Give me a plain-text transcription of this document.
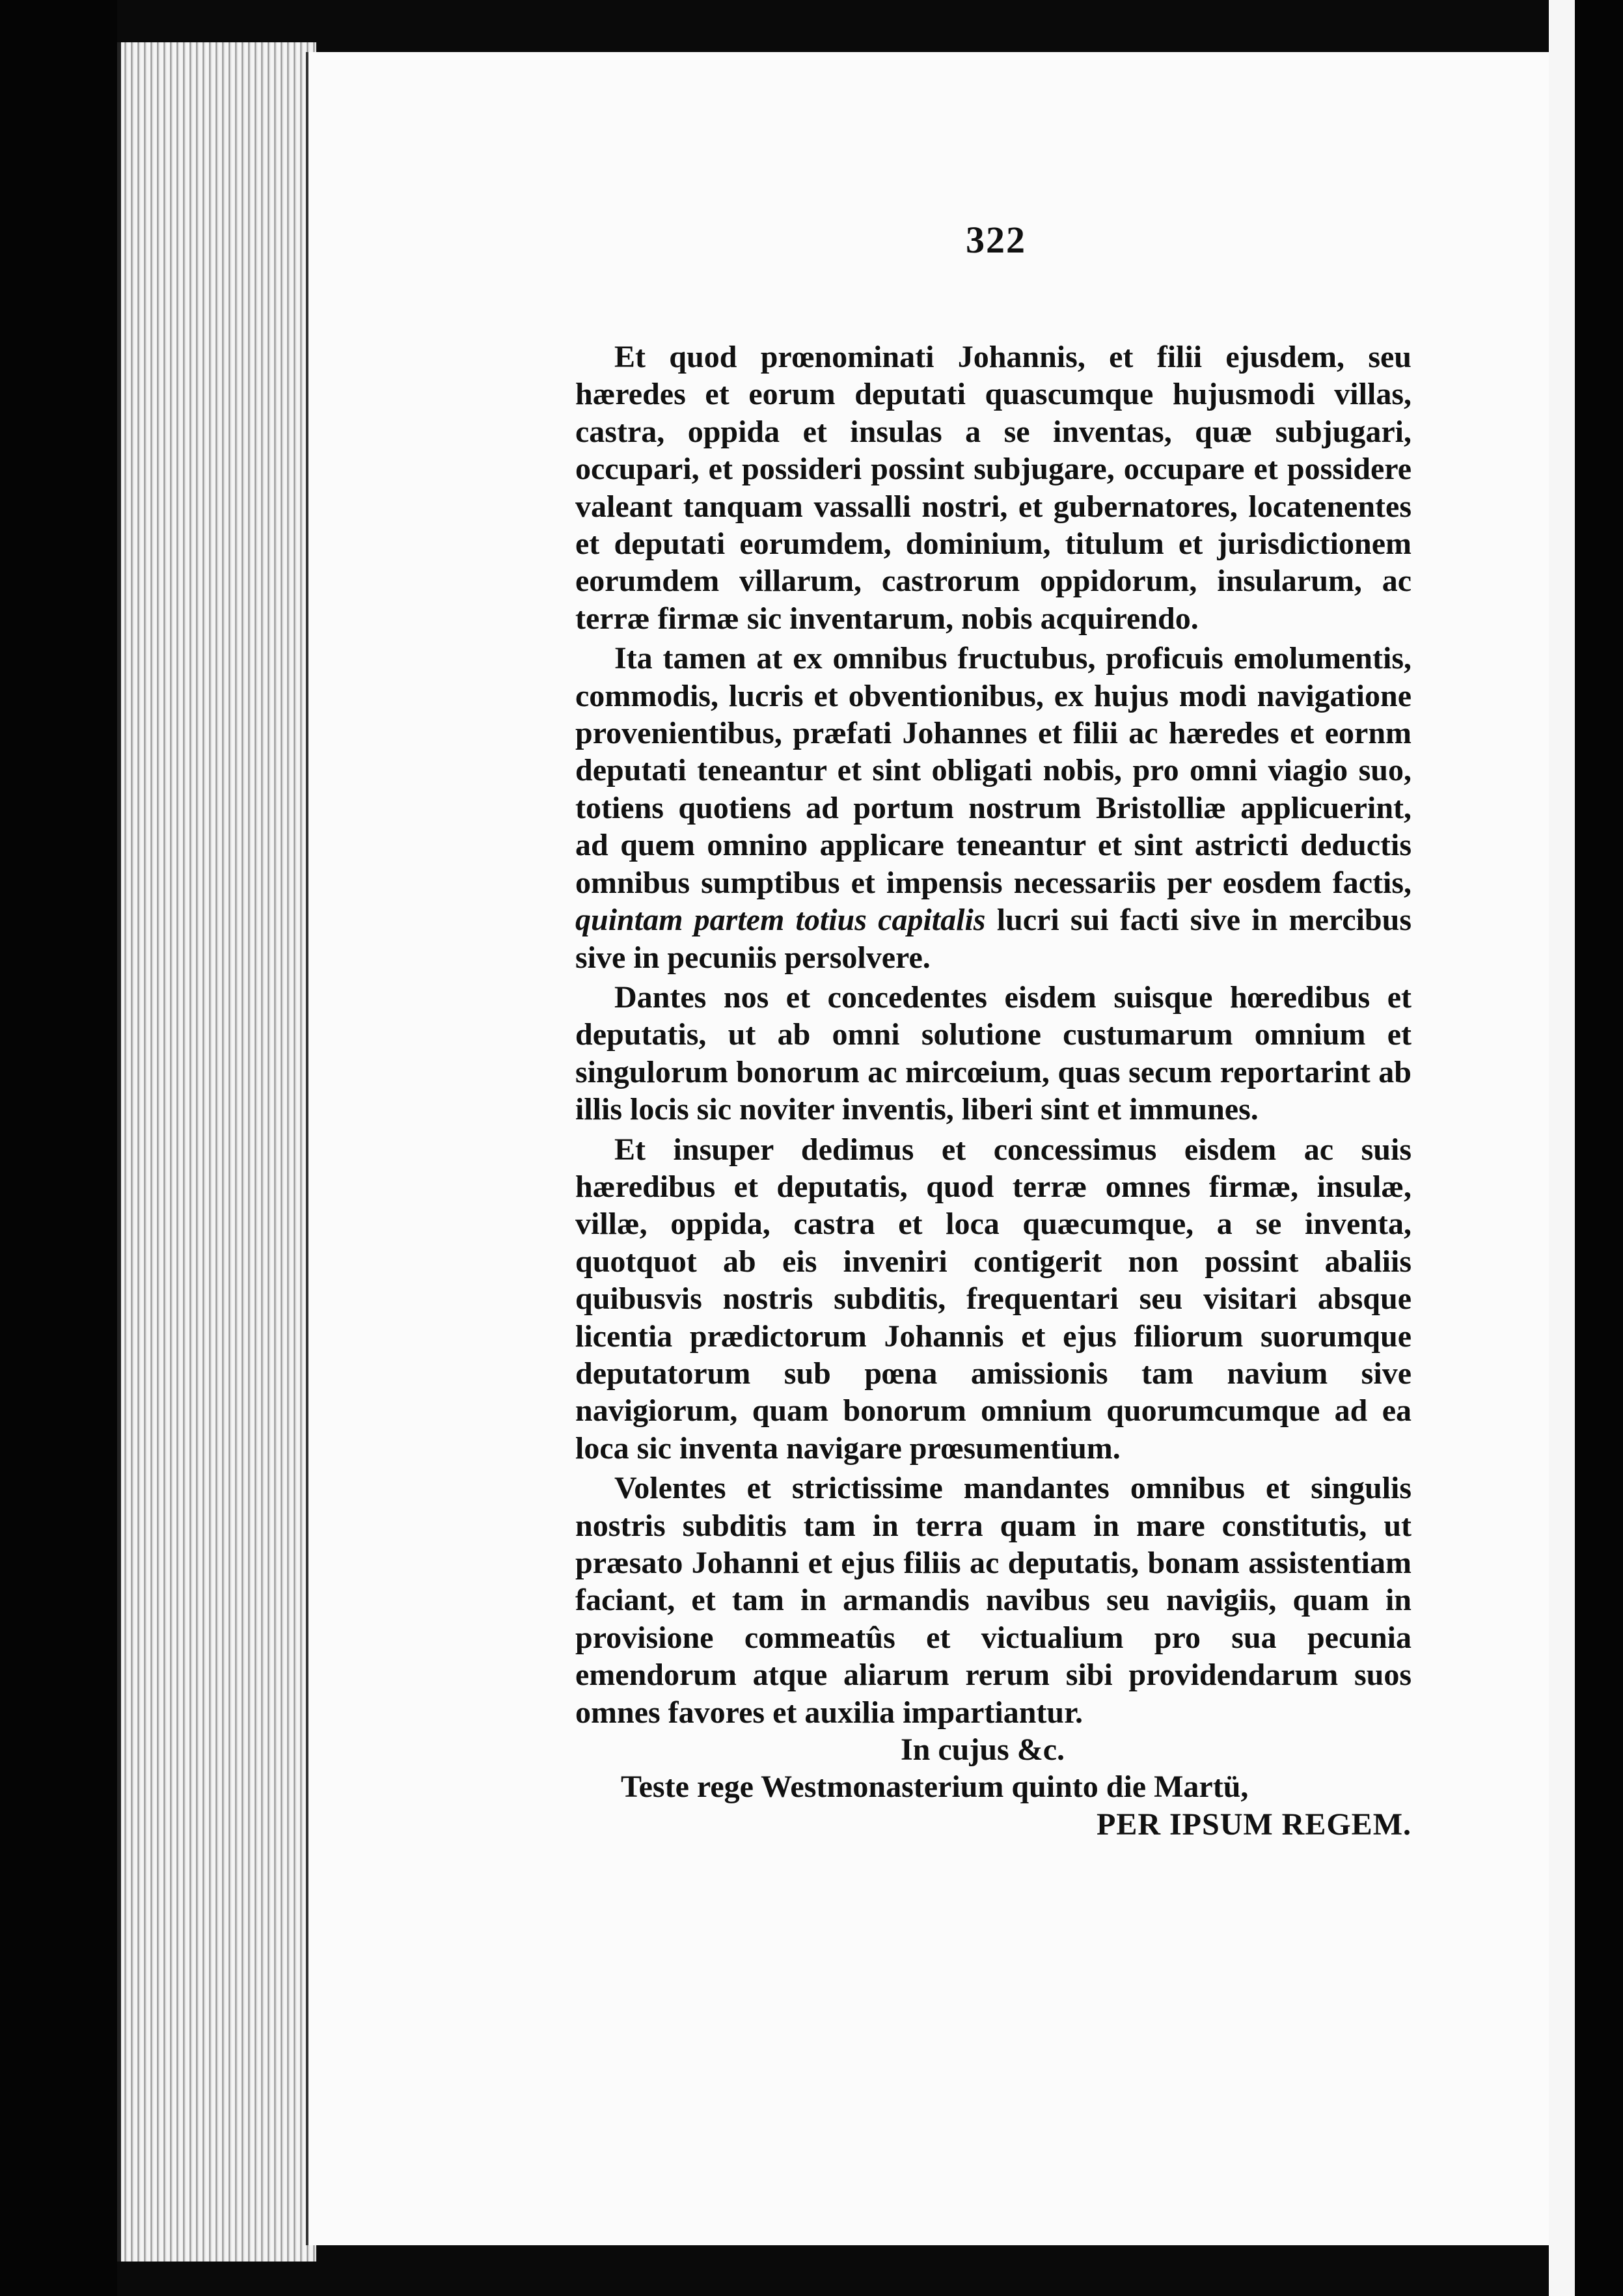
322

Et quod prœnominati Johannis, et filii ejusdem, seu hæredes et eorum deputati quascumque hujusmodi villas, castra, oppida et insulas a se inventas, quæ subjugari, occupari, et possideri possint subjugare, occupare et possidere valeant tanquam vassalli nostri, et gubernatores, locatenentes et deputati eorumdem, dominium, titulum et jurisdictionem eorumdem villarum, castrorum oppidorum, insularum, ac terræ firmæ sic inventarum, nobis acquirendo.

Ita tamen at ex omnibus fructubus, proficuis emolumentis, commodis, lucris et obventionibus, ex hujus modi navigatione provenientibus, præfati Johannes et filii ac hæredes et eornm deputati teneantur et sint obligati nobis, pro omni viagio suo, totiens quotiens ad portum nostrum Bristolliæ applicuerint, ad quem omnino applicare teneantur et sint astricti deductis omnibus sumptibus et impensis necessariis per eosdem factis, quintam partem totius capitalis lucri sui facti sive in mercibus sive in pecuniis persolvere.

Dantes nos et concedentes eisdem suisque hœredibus et deputatis, ut ab omni solutione custumarum omnium et singulorum bonorum ac mircœium, quas secum reportarint ab illis locis sic noviter inventis, liberi sint et immunes.

Et insuper dedimus et concessimus eisdem ac suis hæredibus et deputatis, quod terræ omnes firmæ, insulæ, villæ, oppida, castra et loca quæcumque, a se inventa, quotquot ab eis inveniri contigerit non possint abaliis quibusvis nostris subditis, frequentari seu visitari absque licentia prædictorum Johannis et ejus filiorum suorumque deputatorum sub pœna amissionis tam navium sive navigiorum, quam bonorum omnium quorumcumque ad ea loca sic inventa navigare prœsumentium.

Volentes et strictissime mandantes omnibus et singulis nostris subditis tam in terra quam in mare constitutis, ut præsato Johanni et ejus filiis ac deputatis, bonam assistentiam faciant, et tam in armandis navibus seu navigiis, quam in provisione commeatûs et victualium pro sua pecunia emendorum atque aliarum rerum sibi providendarum suos omnes favores et auxilia impartiantur.

In cujus &c.

Teste rege Westmonasterium quinto die Martü,

PER IPSUM REGEM.
